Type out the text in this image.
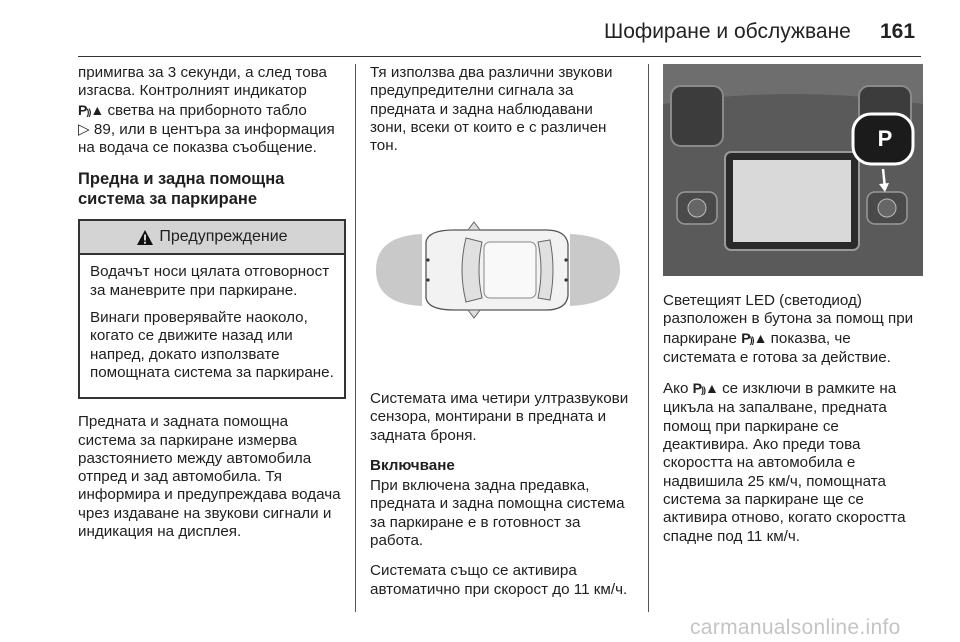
Шофиране и обслужване 161
примигва за 3 секунди, а след това
изгасва. Контролният индикатор
P))▲ светва на приборното табло
▷ 89, или в центъра за информация
на водача се показва съобщение.
Предна и задна помощна
система за паркиране
Предупреждение

Водачът носи цялата отговорност за маневрите при паркиране.

Винаги проверявайте наоколо, когато се движите назад или напред, докато използвате помощната система за паркиране.

Предната и задната помощна система за паркиране измерва разстоянието между автомобила отпред и зад автомобила. Тя информира и предупреждава водача чрез издаване на звукови сигнали и индикация на дисплея.

Тя използва два различни звукови предупредителни сигнала за предната и задна наблюдавани зони, всеки от които е с различен тон.

Системата има четири ултразвукови сензора, монтирани в предната и задната броня.

Включване

При включена задна предавка, предната и задна помощна система за паркиране е в готовност за работа.

Системата също се активира автоматично при скорост до 11 км/ч.

P

Светещият LED (светодиод) разположен в бутона за помощ при паркиране P))▲ показва, че системата е готова за действие.

Ако P))▲ се изключи в рамките на цикъла на запалване, предната помощ при паркиране се деактивира. Ако преди това скоростта на автомобила е надвишила 25 км/ч, помощната система за паркиране ще се активира отново, когато скоростта спадне под 11 км/ч.

carmanualsonline.info
